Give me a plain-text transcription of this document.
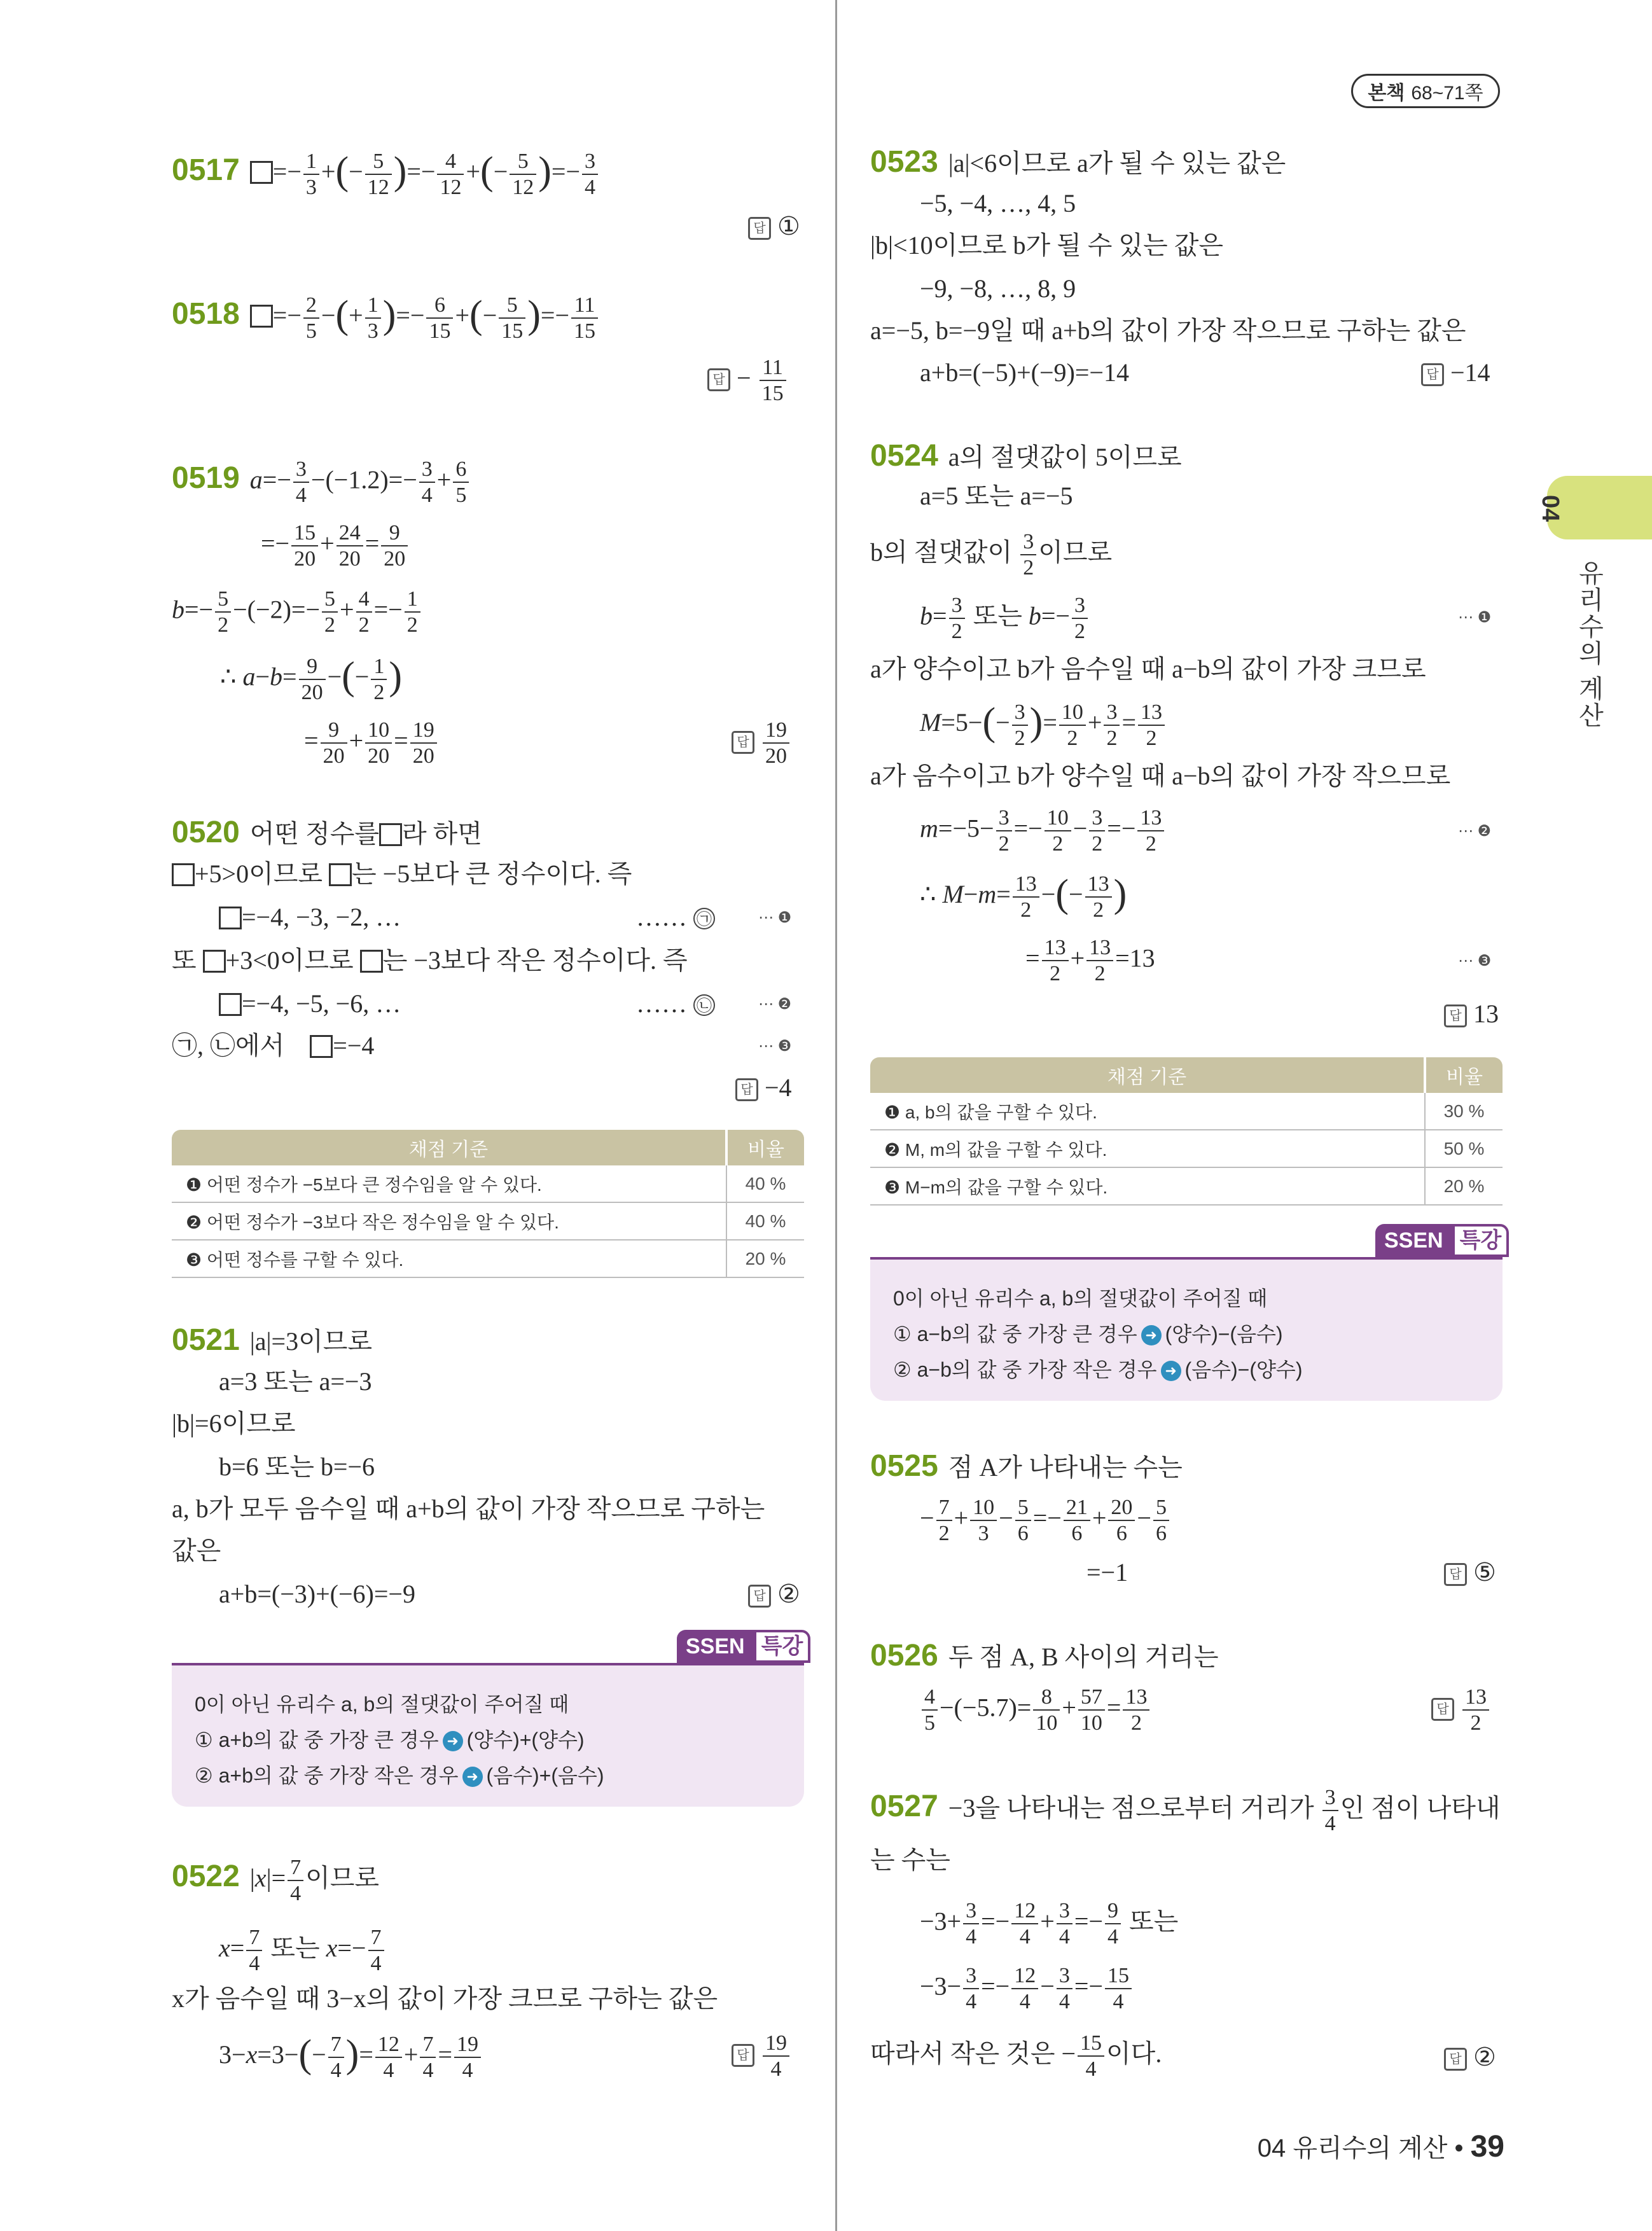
본책 68~71쪽
04
유리수의 계산
$0517 =- \frac{1}{3}$ +(− $\frac{5}{12}$ )=− $\frac{4}{12}$ +(− $\frac{5}{12}$ )=− $\frac{3}{4}$
답 ①
$0518 =- \frac{2}{5}$ −(+ $\frac{1}{3}$ )=− $\frac{6}{15}$ +(− $\frac{5}{15}$ )=− $\frac{11}{15}$
답 − $\frac{11}{15}$
0519 $a=- \frac{3}{4} -(-1.2)=- \frac{3}{4} + \frac{6}{5}$
=− $\frac{15}{20} + \frac{24}{20} = \frac{9}{20}$
$b=- \frac{5}{2} -(-2)=- \frac{5}{2} + \frac{4}{2} =- \frac{1}{2}$
∴ $a-b= \frac{9}{20}$ −(− $\frac{1}{2}$ )
= $\frac{9}{20} + \frac{10}{20} = \frac{19}{20}$	답 $\frac{19}{20}$
0520 어떤 정수를 라 하면
+5>0이므로 는 −5보다 큰 정수이다. 즉
=−4, −3, −2, …	…… ㉠	⋯ ❶
또 +3<0이므로 는 −3보다 작은 정수이다. 즉
=−4, −5, −6, …	…… ㉡	⋯ ❷
㉠, ㉡에서 =−4	⋯ ❸
답 −4
채점 기준	비율
❶ 어떤 정수가 −5보다 큰 정수임을 알 수 있다.	40 %
❷ 어떤 정수가 −3보다 작은 정수임을 알 수 있다.	40 %
❸ 어떤 정수를 구할 수 있다.	20 %
0521 |a|=3이므로
a=3 또는 a=−3
|b|=6이므로
b=6 또는 b=−6
a, b가 모두 음수일 때 a+b의 값이 가장 작으므로 구하는
값은
a+b=(−3)+(−6)=−9	답 ②
SSEN 특강
0이 아닌 유리수 a, b의 절댓값이 주어질 때
① a+b의 값 중 가장 큰 경우 ➜ (양수)+(양수)
② a+b의 값 중 가장 작은 경우 ➜ (음수)+(음수)
0522 $|x|= \frac{7}{4}$ 이므로
$x= \frac{7}{4}$ 또는 $x=- \frac{7}{4}$
x가 음수일 때 3−x의 값이 가장 크므로 구하는 값은
$3-x=3-(- \frac{7}{4}$ )= $\frac{12}{4} + \frac{7}{4} = \frac{19}{4}$	답 $\frac{19}{4}$
0523 |a|<6이므로 a가 될 수 있는 값은
−5, −4, …, 4, 5
|b|<10이므로 b가 될 수 있는 값은
−9, −8, …, 8, 9
a=−5, b=−9일 때 a+b의 값이 가장 작으므로 구하는 값은
a+b=(−5)+(−9)=−14	답 −14
0524 a의 절댓값이 5이므로
a=5 또는 a=−5
b의 절댓값이 $\frac{3}{2}$ 이므로
$b= \frac{3}{2}$ 또는 $b=- \frac{3}{2}$	⋯ ❶
a가 양수이고 b가 음수일 때 a−b의 값이 가장 크므로
$M=5-(- \frac{3}{2}$ )= $\frac{10}{2} + \frac{3}{2} = \frac{13}{2}$
a가 음수이고 b가 양수일 때 a−b의 값이 가장 작으므로
$m=-5- \frac{3}{2} =- \frac{10}{2} - \frac{3}{2} =- \frac{13}{2}$	⋯ ❷
∴ $M-m= \frac{13}{2}$ −(− $\frac{13}{2}$ )
= $\frac{13}{2} + \frac{13}{2} =13$	⋯ ❸
답 13
채점 기준	비율
❶ a, b의 값을 구할 수 있다.	30 %
❷ M, m의 값을 구할 수 있다.	50 %
❸ M−m의 값을 구할 수 있다.	20 %
SSEN 특강
0이 아닌 유리수 a, b의 절댓값이 주어질 때
① a−b의 값 중 가장 큰 경우 ➜ (양수)−(음수)
② a−b의 값 중 가장 작은 경우 ➜ (음수)−(양수)
0525 점 A가 나타내는 수는
− $\frac{7}{2} + \frac{10}{3} - \frac{5}{6} =- \frac{21}{6} + \frac{20}{6} - \frac{5}{6}$
=−1	답 ⑤
0526 두 점 A, B 사이의 거리는
$\frac{4}{5} -(-5.7)= \frac{8}{10} + \frac{57}{10} = \frac{13}{2}$	답 $\frac{13}{2}$
0527 −3을 나타내는 점으로부터 거리가 $\frac{3}{4}$ 인 점이 나타내
는 수는
$-3+ \frac{3}{4} =- \frac{12}{4} + \frac{3}{4} =- \frac{9}{4}$ 또는
$-3- \frac{3}{4} =- \frac{12}{4} - \frac{3}{4} =- \frac{15}{4}$
따라서 작은 것은 − $\frac{15}{4}$ 이다.	답 ②
04 유리수의 계산 • 39
